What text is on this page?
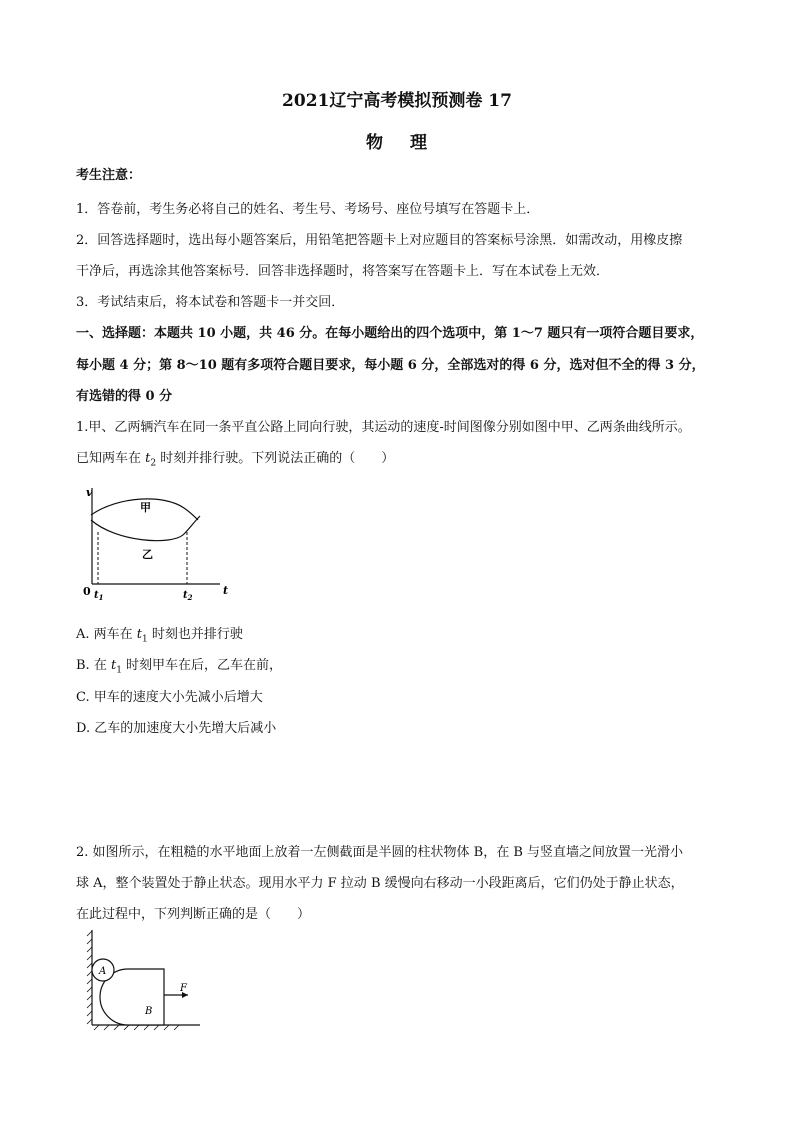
2021辽宁高考模拟预测卷 17
物 理
考生注意：
1．答卷前，考生务必将自己的姓名、考生号、考场号、座位号填写在答题卡上．
2．回答选择题时，选出每小题答案后，用铅笔把答题卡上对应题目的答案标号涂黑．如需改动，用橡皮擦
干净后，再选涂其他答案标号．回答非选择题时，将答案写在答题卡上．写在本试卷上无效．
3．考试结束后，将本试卷和答题卡一并交回．
一、选择题：本题共 10 小题，共 46 分。在每小题给出的四个选项中，第 1～7 题只有一项符合题目要求，
每小题 4 分；第 8～10 题有多项符合题目要求，每小题 6 分，全部选对的得 6 分，选对但不全的得 3 分，
有选错的得 0 分
1.甲、乙两辆汽车在同一条平直公路上同向行驶，其运动的速度-时间图像分别如图中甲、乙两条曲线所示。
已知两车在 $t_2$ 时刻并排行驶。下列说法正确的（　　）
v
t
0
甲
乙
$t_1$	$t_2$
A. 两车在 $t_1$ 时刻也并排行驶
B. 在 $t_1$ 时刻甲车在后，乙车在前，
C. 甲车的速度大小先减小后增大
D. 乙车的加速度大小先增大后减小
2. 如图所示，在粗糙的水平地面上放着一左侧截面是半圆的柱状物体 B，在 B 与竖直墙之间放置一光滑小
球 A，整个装置处于静止状态。现用水平力 F 拉动 B 缓慢向右移动一小段距离后，它们仍处于静止状态，
在此过程中，下列判断正确的是（　　）
A
B
F
